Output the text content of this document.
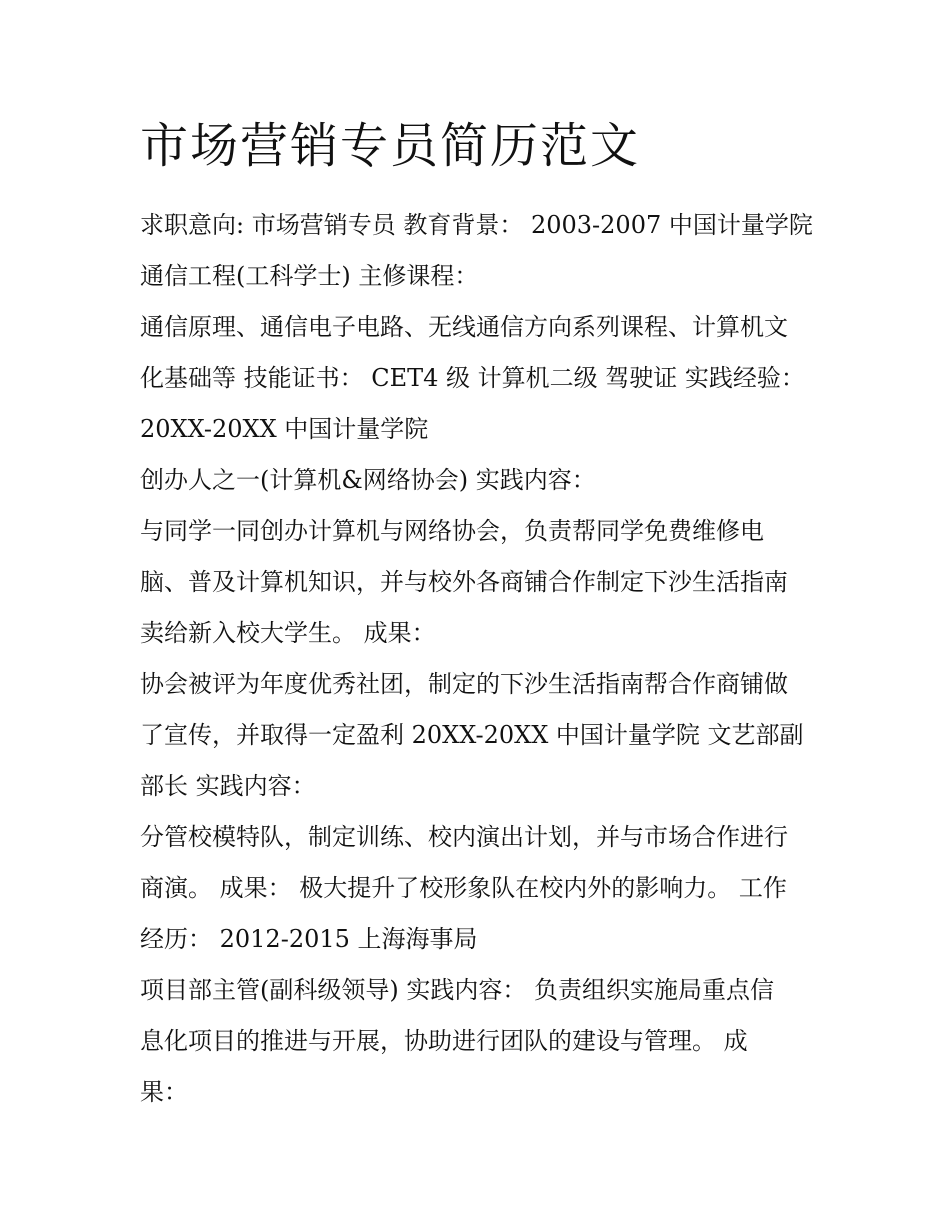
市场营销专员简历范文
求职意向: 市场营销专员 教育背景： 2003-2007 中国计量学院
通信工程(工科学士) 主修课程：
通信原理、通信电子电路、无线通信方向系列课程、计算机文
化基础等 技能证书： CET4 级 计算机二级 驾驶证 实践经验：
20XX-20XX 中国计量学院
创办人之一(计算机&网络协会) 实践内容：
与同学一同创办计算机与网络协会，负责帮同学免费维修电
脑、普及计算机知识，并与校外各商铺合作制定下沙生活指南
卖给新入校大学生。 成果：
协会被评为年度优秀社团，制定的下沙生活指南帮合作商铺做
了宣传，并取得一定盈利 20XX-20XX 中国计量学院 文艺部副
部长 实践内容：
分管校模特队，制定训练、校内演出计划，并与市场合作进行
商演。 成果： 极大提升了校形象队在校内外的影响力。 工作
经历： 2012-2015 上海海事局
项目部主管(副科级领导) 实践内容： 负责组织实施局重点信
息化项目的推进与开展，协助进行团队的建设与管理。 成
果：
